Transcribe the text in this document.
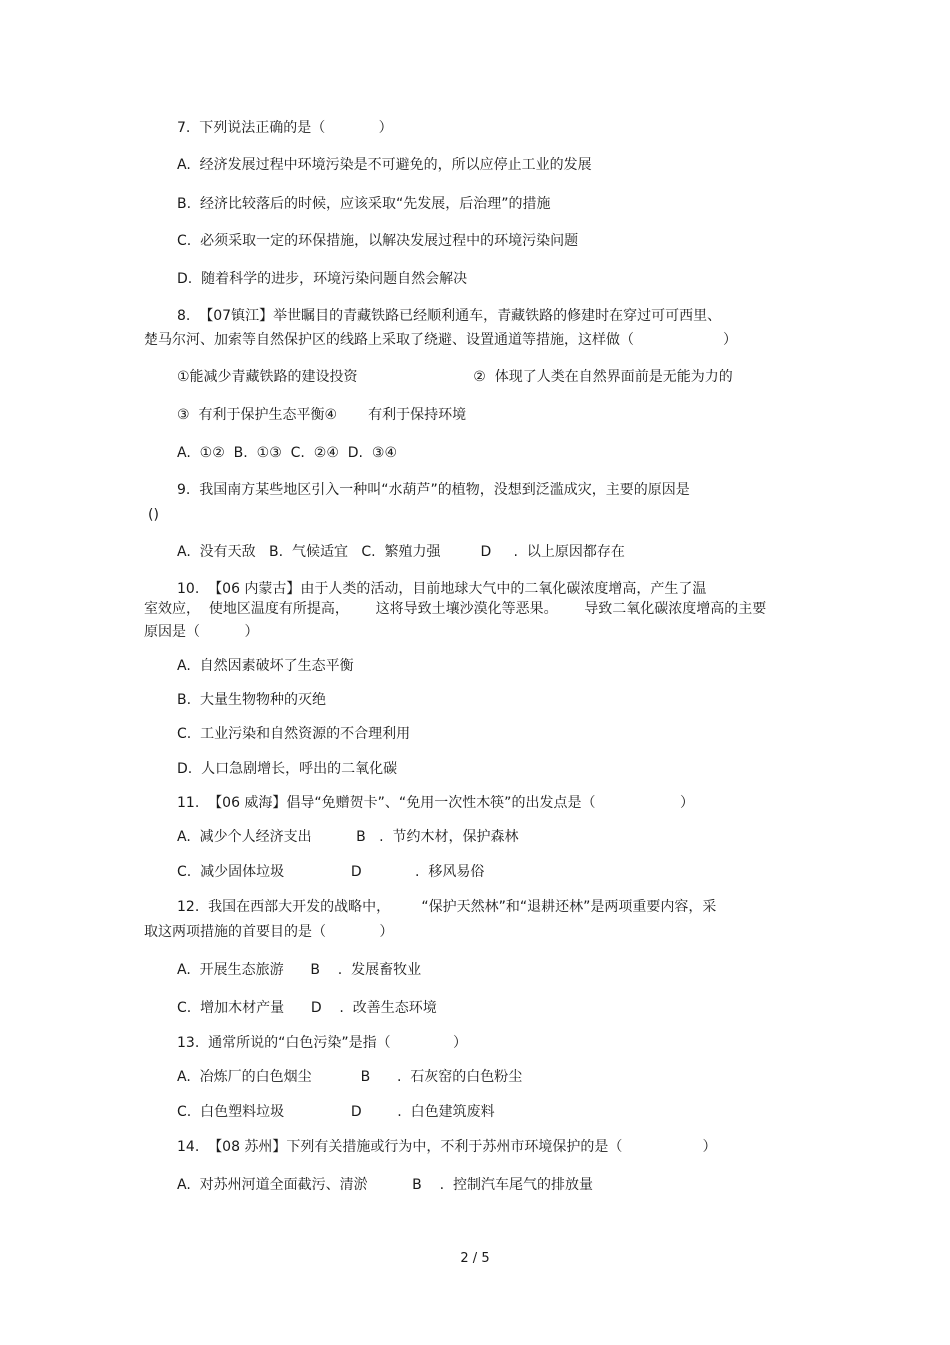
7.  下列说法正确的是（            ）
A.  经济发展过程中环境污染是不可避免的，所以应停止工业的发展
B.  经济比较落后的时候，应该采取“先发展，后治理”的措施
C.  必须采取一定的环保措施，以解决发展过程中的环境污染问题
D.  随着科学的进步，环境污染问题自然会解决
8.  【07镇江】举世瞩目的青藏铁路已经顺利通车，青藏铁路的修建时在穿过可可西里、
楚马尔河、加索等自然保护区的线路上采取了绕避、设置通道等措施，这样做（                    ）
①能减少青藏铁路的建设投资                          ②  体现了人类在自然界面前是无能为力的
③  有利于保护生态平衡④       有利于保持环境
A.  ①②  B.  ①③  C.  ②④  D.  ③④
9.  我国南方某些地区引入一种叫“水葫芦”的植物，没想到泛滥成灾，主要的原因是
()
A.  没有天敌   B.  气候适宜   C.  繁殖力强         D     .  以上原因都存在
10.  【06 内蒙古】由于人类的活动，目前地球大气中的二氧化碳浓度增高，产生了温
室效应，  使地区温度有所提高，      这将导致土壤沙漠化等恶果。      导致二氧化碳浓度增高的主要
原因是（          ）
A.  自然因素破坏了生态平衡
B.  大量生物物种的灭绝
C.  工业污染和自然资源的不合理利用
D.  人口急剧增长，呼出的二氧化碳
11.  【06 威海】倡导“免赠贺卡”、“免用一次性木筷”的出发点是（                   ）
A.  减少个人经济支出          B   .  节约木材，保护森林
C.  减少固体垃圾               D            .  移风易俗
12.  我国在西部大开发的战略中，       “保护天然林”和“退耕还林”是两项重要内容，采
取这两项措施的首要目的是（            ）
A.  开展生态旅游      B    .  发展畜牧业
C.  增加木材产量      D    .  改善生态环境
13.  通常所说的“白色污染”是指（              ）
A.  冶炼厂的白色烟尘           B      .  石灰窑的白色粉尘
C.  白色塑料垃圾               D        .  白色建筑废料
14.  【08 苏州】下列有关措施或行为中，不利于苏州市环境保护的是（                  ）
A.  对苏州河道全面截污、清淤          B    .  控制汽车尾气的排放量
2 / 5
